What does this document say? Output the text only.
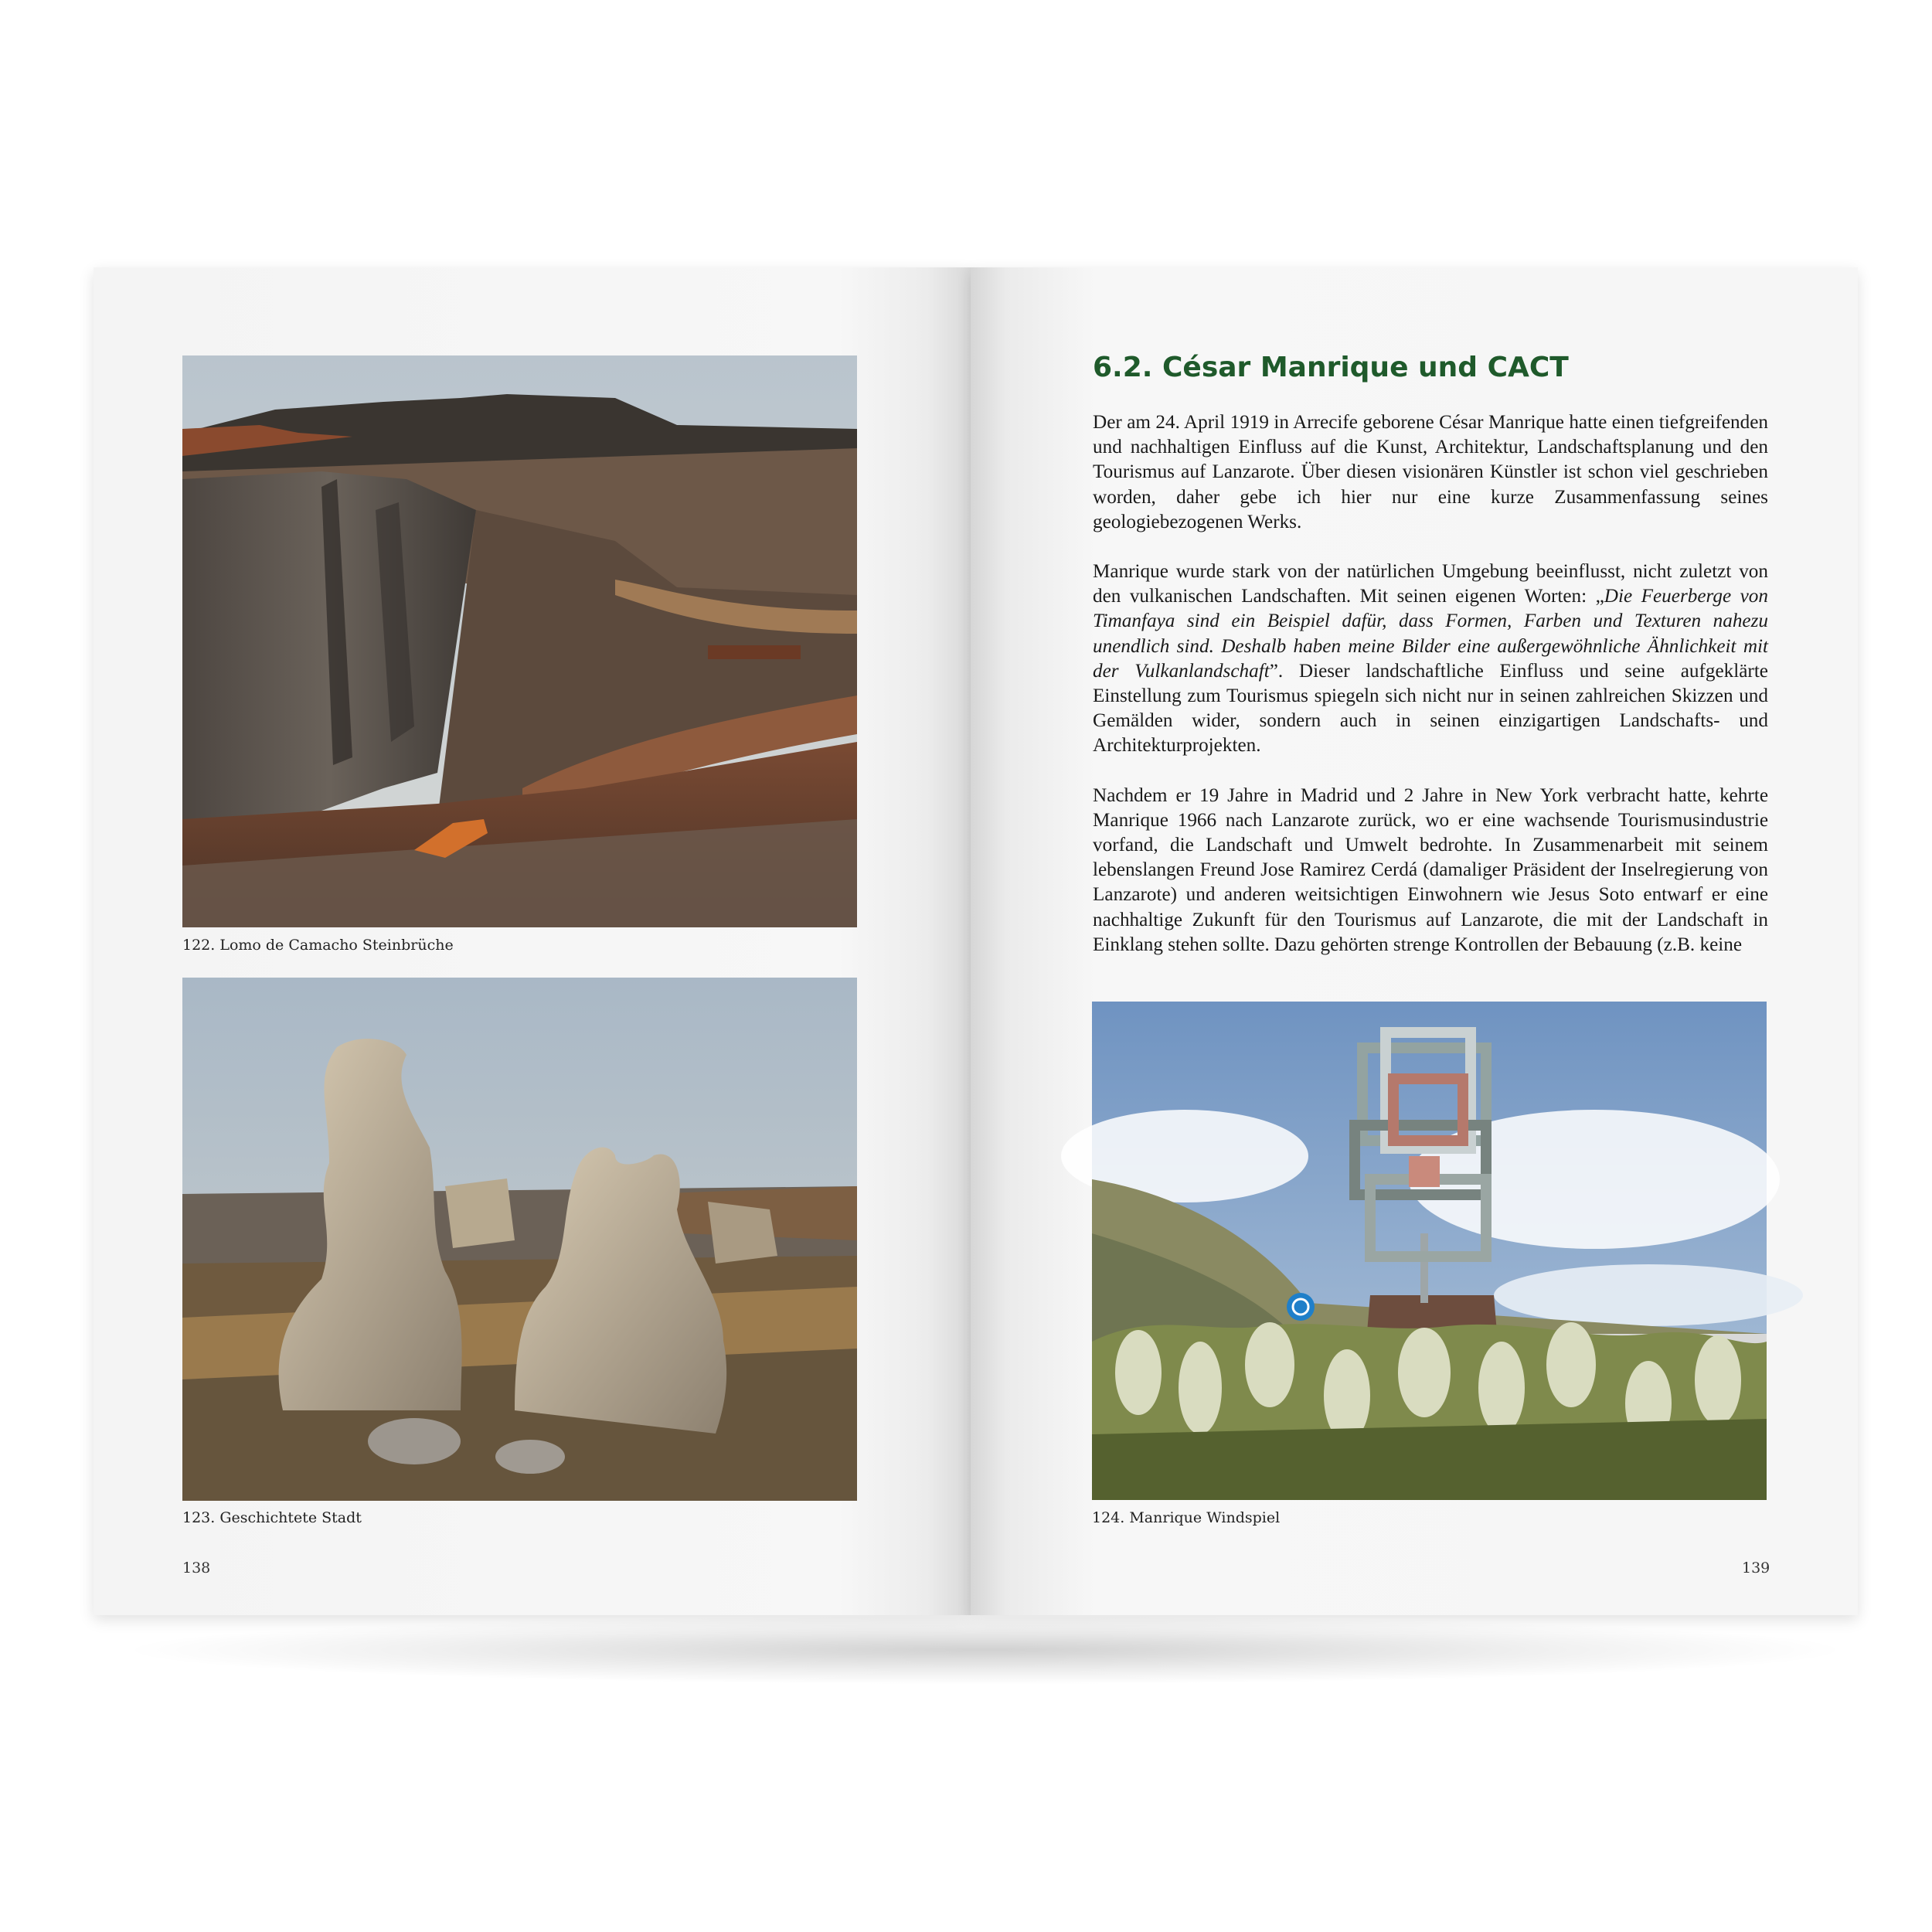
122. Lomo de Camacho Steinbrüche
123. Geschichtete Stadt
138
6.2. César Manrique und CACT

Der am 24. April 1919 in Arrecife geborene César Manrique hatte einen tiefgreifenden und nachhaltigen Einfluss auf die Kunst, Architektur, Landschaftsplanung und den Tourismus auf Lanzarote. Über diesen visionären Künstler ist schon viel geschrieben worden, daher gebe ich hier nur eine kurze Zusammenfassung seines geologiebezogenen Werks.

Manrique wurde stark von der natürlichen Umgebung beeinflusst, nicht zuletzt von den vulkanischen Landschaften. Mit seinen eigenen Worten: „Die Feuerberge von Timanfaya sind ein Beispiel dafür, dass Formen, Farben und Texturen nahezu unendlich sind. Deshalb haben meine Bilder eine außergewöhnliche Ähnlichkeit mit der Vulkanlandschaft”. Dieser landschaftliche Einfluss und seine aufgeklärte Einstellung zum Tourismus spiegeln sich nicht nur in seinen zahlreichen Skizzen und Gemälden wider, sondern auch in seinen einzigartigen Landschafts- und Architekturprojekten.

Nachdem er 19 Jahre in Madrid und 2 Jahre in New York verbracht hatte, kehrte Manrique 1966 nach Lanzarote zurück, wo er eine wachsende Tourismusindustrie vorfand, die Landschaft und Umwelt bedrohte. In Zusammenarbeit mit seinem lebenslangen Freund Jose Ramirez Cerdá (damaliger Präsident der Inselregierung von Lanzarote) und anderen weitsichtigen Einwohnern wie Jesus Soto entwarf er eine nachhaltige Zukunft für den Tourismus auf Lanzarote, die mit der Landschaft in Einklang stehen sollte. Dazu gehörten strenge Kontrollen der Bebauung (z.B. keine

124. Manrique Windspiel
139
